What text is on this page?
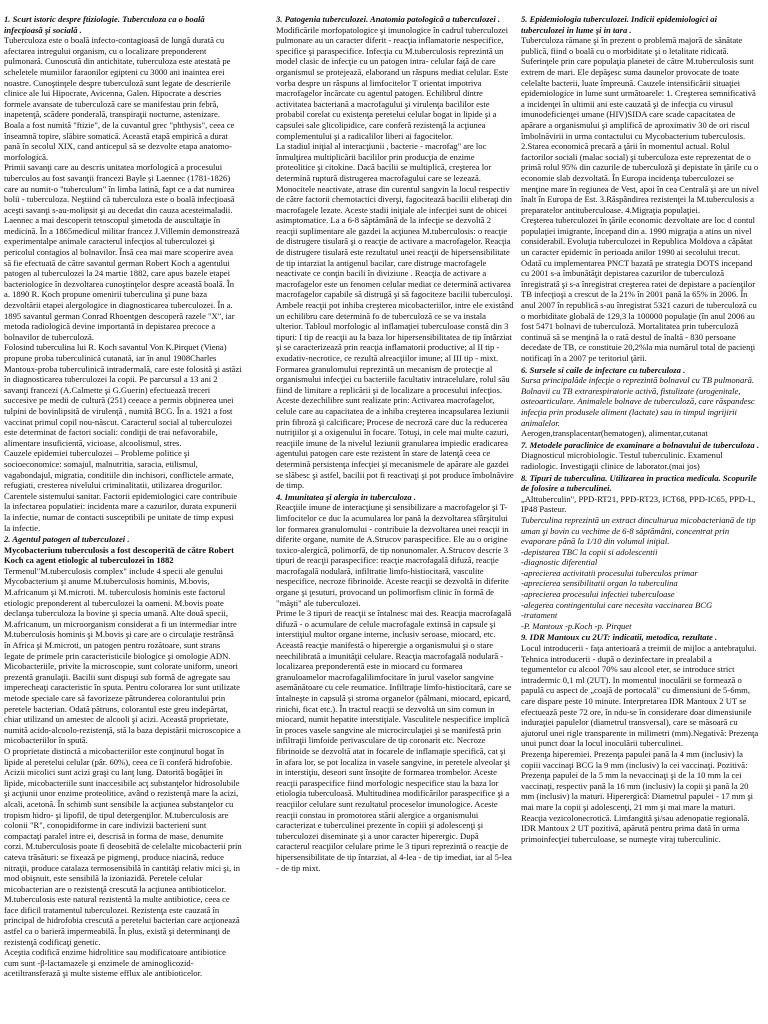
1. Scurt istoric despre ftiziologie. Tuberculoza ca o boală infecţioasă şi socială .
Tuberculoza este o boală infecto-contagioasă de lungă durată cu afectarea intregului organism, cu o localizare preponderent pulmonară. Cunoscută din antichitate, tuberculoza este atestată pe scheletele mumiilor faraonilor egipteni cu 3000 ani inaintea erei noastre. Cunoştinţele despre tuberculoză sunt legate de descrierile clinice ale lui Hipocrate, Avicenna, Galen. Hipocrate a descries formele avansate de tuberculoză care se manifestau prin febră, inapetenţă, scădere ponderală, transpiraţii nocturne, astenizare. Boala a fost numită "ftizie", de la cuvantul grec "phthysis", ceea ce înseamnă topire, slăbire somatică. Această etapă empirică a durat pană în secolul XIX, cand anticepul să se dezvolte etapa anatomo-morfologică.
Primii savanţi care au descris unitatea morfologică a procesului tuberculos au fost savanţii francezi Bayle şi Laennec (1781-1826) care au numit-o "tuberculum" în limba latină, fapt ce a dat numirea bolii - tuberculoza. Neştiind că tuberculoza este o boală infecţioasă aceşti savanţi s-au-molipsit şi au decedat din cauza acesteimaladii. Laennec a mai descoperit tetoscopul şimetoda de auscultaţie în medicină. În a 1865medicul militar francez J.Villemin demonstrează experimentalpe animale caracterul infecţios al tuberculozei şi pericolul contagios al bolnavilor. Însă cea mai mare scoperire avea să fie efectuată de către savantul german Robert Koch a agentului patogen al tuberculozei la 24 martie 1882, care apus bazele etapei bacteriologice în dezvoltarea cunoştinţelor despre această boală. În a. 1890 R. Koch propune omenirii tuberculina şi pune baza dezvoltării etapei alergologice in diagnosticarea tuberculozei. În a. 1895 savantul german Conrad Rhoentgen descoperă razele "X", iar metoda radiologică devine importantă in depistarea precoce a bolnavilor de tuberculoză.
Folosind tuberculina lui R. Koch savantul Von K.Pirquet (Viena) propune proba tuberculinică cutanată, iar în anul 1908Charles Mantoux-proba tuberculinică intradermală, care este folosită şi astăzi în diagnosticarea tuberculozei la copii. Pe parcursul a 13 ani 2 savanţi francezi (A.Calmette şi G.Guerin) efectuează treceri succesive pe medii de cultură (251) ceeace a permis obţinerea unei tulpini de bovinlipsită de virulenţă , numită BCG. În a. 1921 a fost vaccinat primul copil nou-născut. Caracterul social al tuberculozei este determinat de factori sociali: condiţii de trai nefavorabile, alimentare insuficientă, vicioase, alcoolismul, stres.
Cauzele epidemiei tuberculozei – Probleme politice şi socioeconomice: somajul, malnutritia, saracia, etilismul, vagabondajul, migratia, conditiile din inchisori, conflictele armate, refugiati, cresterea nivelului criminalitatii, utilizarea drogurilor. Carentele sistemului sanitar. Factorii epidemiologici care contribuie la infectarea populatiei: incidenta mare a cazurilor, durata expunerii la infectie, numar de contacti susceptibili pe unitate de timp expusi la infectie.
2. Agentul patogen al tuberculozei .
Mycobacterium tuberculosis a fost descoperită de către Robert Koch ca agent etiologic al tuberculozei în 1882
Termenul"M.tuberculosis complex" include 4 specii ale genului Mycobacterium şi anume M.tuberculosis hominis, M.bovis, M.africanum şi M.microti. M. tuberculosis hominis este factorul etiologic preponderent al tuberculozei la oameni. M.bovis poate declanşa tuberculoza la bovine şi specia umană. Alte două specii, M.africanum, un microorganism considerat a fi un intermediar intre M.tuberculosis hominis şi M.bovis şi care are o circulaţie restrânsă în Africa şi M.microti, un patogen pentru rozătoare, sunt strans legate de primele prin caracteristicile biologice şi omologie ADN. Micobacteriile, privite la microscopie, sunt colorate uniform, uneori prezentă granulaţii. Bacilii sunt dispuşi sub formă de agregate sau imperecheaţi caracteristic în sputa. Pentru colorarea lor sunt utilizate metode speciale care să favorizeze pătrunderea colorantului prin peretele bacterian. Odată pătruns, colorantul este greu indepărtat, chiar utilizand un amestec de alcooli şi acizi. Această proprietate, numită acido-alcoolo-rezistenţă, stă la baza depistării microscopice a micobacteriilor în spută.
O proprietate distinctă a micobacteriilor este conţinutul bogat în lipide al peretelui celular (pâr. 60%), ceea ce îi conferă hidrofobie. Acizii micolici sunt acizi graşi cu lanţ lung. Datorită bogăţiei în lipide, micobacteriile sunt inaccesibile acţ substanţelor hidrosolubile şi acţiunii unor enzime proteolitice, având o rezistenţă mare la acizi, alcali, acetonă. În schimb sunt sensibile la acţiunea substanţelor cu tropism hidro- şi lipofil, de tipul detergenţilor. M.tuberculosis are colonii "R", conopidiforme in care indivizii bacterieni sunt compactaţi paralel intre ei, descrisă in forma de mase, denumite corzi. M.tuberculosis poate fi deosebită de celelalte micobacterii prin cateva trăsături: se fixează pe pigmenţi, produce niacină, reduce nitraţii, produce catalaza termosensibilă în cantităţi relativ mici şi, in mod obişnuit, este sensibilă la izoniazidă. Peretele celular micobacterian are o rezistenţă crescută la acţiunea antibioticelor. M.tuberculosis este natural rezistentă la multe antibiotice, ceea ce face dificil tratamentul tuberculozei. Rezistenţa este cauzată în principal de hidrofobia crescută a peretelui bacterian care acţionează astfel ca o barieră impermeabilă. În plus, există şi determinanţi de rezistenţă codificaţi genetic.
Aceştia codifică enzime hidrolitice sau modificatoare antibiotice cum sunt -β-lactamazele şi enzimele de aminoglicozid-acetiltransferază şi multe sisteme efflux ale antibioticelor.
3. Patogenia tuberculozei. Anatomia patologică a tuberculozei .
Modificările morfopatologice şi imunologice în cadrul tuberculozei pulmonare au un caracter diferit - reacţia inflamatorie nespecifice, specifice şi paraspecifice. Infecţia cu M.tuberculosis reprezintă un model clasic de infecţie cu un patogen intra- celular faţă de care organismul se protejează, elaborand un răspuns mediat celular. Este vorba despre un răspuns al limfocitelor T orientat impotriva macrofagelor încărcate cu agentul patogen. Echilibrul dintre activitatea bacteriană a macrofagului şi virulenţa bacililor este probabil corelat cu existenţa peretelui celular bogat in lipide şi a capsulei sale glicolipidice, care conferă rezistenţă la acţiunea complementului şi a radicalilor liberi ai fagocitelor.
La stadiul iniţial al interacţiunii , bacterie - macrofag" are loc înmulţirea multiplicării bacililor prin producţia de enzime proteolitice şi citokine. Dacă bacilii se multiplică, creşterea lor determină ruptură distrugerea macrofagului care se lezează. Monocitele neactivate, atrase din curentul sangvin la locul respectiv de către factorii chemotactici diverşi, fagocitează bacilii eliberaţi din macrofagele lezate. Aceste stadii iniţiale ale infecţiei sunt de obicei asimptomatice. La a 6-8 săptămână de la infecţie se dezvoltă 2 reacţii suplimentare ale gazdei la acţiunea M.tuberculosis: o reacţie de distrugere tisulară şi o reacţie de activare a macrofagelor. Reacţia de distrugere tisulară este rezultatul unei reacţii de hipersensibilitate de tip intarziat la antigenul bacilar, care distruge macrofagele neactivate ce conţin bacili în diviziune . Reacţia de activare a macrofagelor este un fenomen celular mediat ce determină activarea macrofagelor capabile să distrugă şi să fagociteze bacilii tuberculoşi. Ambele reacţii pot inhiba creşterea micobacteriilor, intre ele existând un echilibru care determină fo de tuberculoză ce se va instala ulterior. Tabloul morfologic al inflamaţiei tuberculoase constă din 3 tipuri: I tip de reacţii au la baza lor hipersensibilitatea de tip întârziat şi se caracterizează prin reacţia inflamatorii productive; al II tip - exudativ-necrotice, ce rezultă alreacţiilor imune; al III tip - mixt. Formarea granulomului reprezintă un mecanism de protecţie al organismului infecţiei cu bacteriile facultativ intracelulare, rolul său fiind de limitare a replicării şi de localizare a procesului infecţios. Aceste dezechilibre sunt realizate prin: Activarea macrofagelor, celule care au capacitatea de a inhiba creşterea incapsularea leziunii prin fibroză şi calcificare; Procese de necroză care duc la reducerea nutriţiilor şi a oxigenului în focare. Totuşi, in cele mai multe cazuri, reacţiile imune de la nivelul leziunii granularea impiedic eradicarea agentului patogen care este rezistent în stare de latenţă ceea ce determină persistenţa infecţiei şi mecanismele de apărare ale gazdei se slăbesc şi astfel, bacilii pot fi reactivaţi şi pot produce îmbolnăvire de timp.
4. Imunitatea şi alergia in tuberculoza .
Reacţiile imune de interacţiune şi sensibilizare a macrofagelor şi T- limfocitelor ce duc la acumularea lor pană la dezvoltarea sfârşitului lor formarea granulomului - contribuie la dezvoltarea unei reacţii in diferite organe, numite de A.Strucov paraspecifice. Ele au o origine toxico-alergică, polimorfă, de tip nonunomaler. A.Strucov descrie 3 tipuri de reacţii paraspecifice: reacţie macrofagală difuză, reacţie macrofagală nodulară, infiltratie limfo-histiocitară, vasculite nespecifice, necroze fibrinoide. Aceste reacţii se dezvoltă in diferite organe şi ţesuturi, provocand un polimorfism clinic în formă de "măşti" ale tuberculozei.
Prime le 3 tipuri de reacţii se întalnesc mai des. Reacţia macrofagală difuză - o acumulare de celule macrofagale extinsă in capsule şi interstiţiul multor organe interne, inclusiv seroase, miocard, etc. Această reacţie manifestă o hiperergie a organismului şi o stare neechilibrată a imunităţii celulare. Reacţia macrofagală nodulară - localizarea preponderentă este in miocard cu formarea granuloamelor macrofagalilimfocitare în jurul vaselor sangvine asemănătoare cu cele reumatice. Infiltraţie limfo-histiocitară, care se întalneşte in capsulă şi stroma organelor (pălmani, miocard, epicard, rinichi, ficat etc.). În tractul reacţii se dezvoltă un sim comun in miocard, numit hepatite interstiţiale. Vasculitele nespecifice implică în proces vasele sangvine ale microcirculaţiei şi se manifestă prin infiltraţii limfoide perivasculare de tip coronarit etc. Necroze fibrinoide se dezvoltă atat in focarele de inflamaţie specifică, cat şi în afara lor, se pot localiza in vasele sangvine, in peretele alveolar şi in interstiţiu, deseori sunt însoţite de formarea trombelor. Aceste reacţii paraspecifice fiind morfologic nespecifice stau la baza lor etiologia tuberculoasă. Multitudinea modificărilor paraspecifice şi a reacţiilor celulare sunt rezultatul proceselor imunologice. Aceste reacţii constau in promotorea stării alergice a organismului caracterizat e tuberculinei prezente în copiii şi adolescenţi şi tuberculozei diseminate şi a unor caracter hiperergic. După caracterul reacţiilor celulare prime le 3 tipuri reprezintă o reacţie de hipersensibilitate de tip întarziat, al 4-lea - de tip imediat, iar al 5-lea - de tip mixt.
5. Epidemiologia tuberculozei. Indicii epidemiologici ai tuberculozei in lume şi in tara .
Tuberculoza rămane şi în prezent o problemă majoră de sănătate publică, fiind o boală cu o morbiditate şi o letalitate ridicată. Suferinţele prin care populaţia planetei de către M.tuberculosis sunt extrem de mari. Ele depăşesc suma daunelor provocate de toate celelalte bacterii, luate împreună. Cauzele intensificării situaţiei epidemiologice in lume sunt următoarele: 1. Creşterea semnificativă a incidenţei în ultimii ani este cauzată şi de infecţia cu virusul imunodeficienţei umane (HIV)SIDA care scade capacitatea de apărare a organismului şi amplifică de aproximativ 30 de ori riscul îmbolnăvirii in urma contactului cu Mycobacterium tuberculosis. 2.Starea economică precară a ţării în momentul actual. Rolul factorilor sociali (malac social) şi tuberculoza este reprezentat de o primă rolul 95% din cazurile de tuberculoză şi depistate în ţările cu o economie slab dezvoltată. În Europa incidenţa tuberculozei se menţine mare în regiunea de Vest, apoi în cea Centrală şi are un nivel înalt în Europa de Est. 3.Răspândirea rezistenţei la M.tuberculosis a preparatelor antituberculoase. 4.Migraţia populaţiei.
Creşterea tuberculozei în ţările economic dezvoltate are loc d contul populaţiei imigrante, începand din a. 1990 migraţia a atins un nivel considerabil. Evoluţia tuberculozei in Republica Moldova a căpătat un caracter epidemic în perioada anilor 1990 ai secolului trecut. Odată cu implementarea PNCT bazată pe strategia DOTS incepand cu 2001 s-a îmbunătăţit depistarea cazurilor de tuberculoză înregistrată şi s-a înregistrat creşterea ratei de depistare a pacienţilor TB infecţioşi a crescut de la 21% în 2001 pană la 65% in 2006. În anul 2007 în republică s-au înregistrat 5321 cazuri de tuberculoză cu o morbiditate globală de 129,3 la 100000 populaţie (în anul 2006 au fost 5471 bolnavi de tuberculoză. Mortalitatea prin tuberculoză continuă să se menţină la o rată destul de înaltă - 830 persoane decedate de TB, ce constituie 20,2%la mia numărul total de pacienţi notificaţi în a 2007 pe teritoriul ţării.
6. Sursele si caile de infectare cu tuberculoza .
Sursa principalăde infecţie o reprezintă bolnavul cu TB pulmonară. Bolnavii cu TB extrarespiratorie activă, fistulizate (urogenitale, osteoarticulare. Animalele bolnave de tuberculoză, care răspandesc infecţia prin produsele aliment (lactate) sau in timpul ingrijirii animalelor.
Aerogen,transplacentar(hematogen), alimentar,cutanat
7. Metodele paraclinice de examinare a bolnavului de tuberculoza .
Diagnosticul microbiologic. Testul tuberculinic. Examenul radiologic. Investigaţii clinice de laborator.(mai jos)
8. Tipuri de tuberculina. Utilizarea in practica medicala. Scopurile de folosire a tuberculinei.
„Alttuberculin", PPD-RT21, PPD-RT23, ICT68, PPD-IC65, PPD-L, IP48 Pasteur.
Tuberculina reprezintă un extract dinculturua micobacteriană de tip uman şi bovin cu vechime de 6-8 săptămâni, concentrat prin evaporare până la 1/10 din volumul iniţial.
-depistarea TBC la copii si adolescentii
-diagnostic diferential
-aprecierea activitatii procesului tuberculos primar
-aprecierea sensibilitatii organ la tuberculina
-aprecierea procesului infectiei tuberculoase
-alegerea contingentului care necesita vaccinarea BCG
-tratament
-P. Mantoux -p.Koch -p. Pirquet
9. IDR Mantoux cu 2UT: indicatii, metodica, rezultate .
Locul introducerii - faţa anterioară a treimii de mijloc a antebraţului. Tehnica introducerii - după o dezinfectare in prealabil a tegumentelor cu alcool 70% sau alcool eter, se introduce strict intradermic 0,1 ml (2UT). In momentul inoculării se formează o papulă cu aspect de „coajă de portocală" cu dimensiuni de 5-6mm, care dispare peste 10 minute. Interpretarea IDR Mantoux 2 UT se efectuează peste 72 ore, în ndu-se în considerare doar dimensiunile induraţiei papulelor (diametrul transversal), care se măsoară cu ajutorul unei rigle transparente in milimetri (mm).Negativă: Prezenţa unui punct doar la locul inoculării tuberculinei.
Prezenţa hiperemiei. Prezenţa papulei pană la 4 mm (inclusiv) la copiii vaccinaţi BCG la 9 mm (inclusiv) la cei vaccinaţi. Pozitivă: Prezenţa papulei de la 5 mm la nevaccinaţi şi de la 10 mm la cei vaccinaţi, respectiv pană la 16 mm (inclusiv) la copii şi pană la 20 mm (inclusiv) la maturi. Hiperergică: Diametrul papulei - 17 mm şi mai mare la copii şi adolescenţi, 21 mm şi mai mare la maturi. Reacţia vezicolonecrotică. Limfangită şi/sau adenopatie regională. IDR Mantoux 2 UT pozitivă, apărută pentru prima dată în urma primoinfecţiei tuberculoase, se numeşte viraj tuberculinic.
